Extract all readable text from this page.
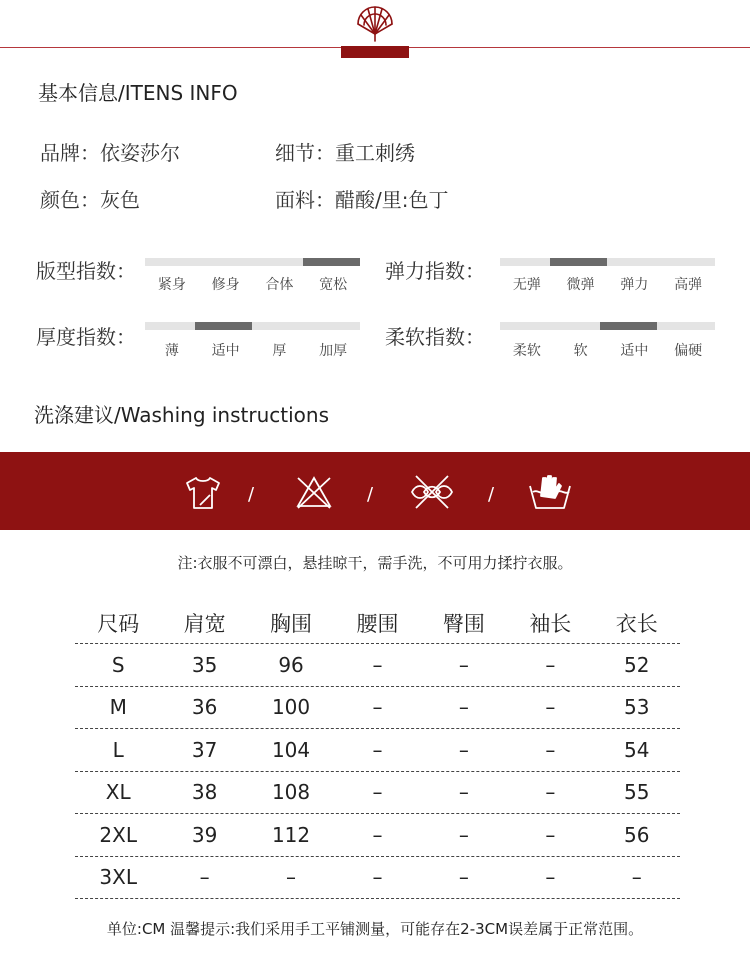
基本信息/ITENS INFO
品牌：依姿莎尔	细节：重工刺绣
颜色：灰色	面料：醋酸/里:色丁
版型指数：
紧身	修身	合体	宽松
弹力指数：
无弹	微弹	弹力	高弹
厚度指数：
薄	适中	厚	加厚
柔软指数：
柔软	软	适中	偏硬
洗涤建议/Washing instructions
/	/	/
注:衣服不可漂白，悬挂晾干，需手洗，不可用力揉拧衣服。
尺码	肩宽	胸围	腰围	臀围	袖长	衣长
S	35	96	–	–	–	52
M	36	100	–	–	–	53
L	37	104	–	–	–	54
XL	38	108	–	–	–	55
2XL	39	112	–	–	–	56
3XL	–	–	–	–	–	–
单位:CM 温馨提示:我们采用手工平铺测量，可能存在2-3CM误差属于正常范围。
